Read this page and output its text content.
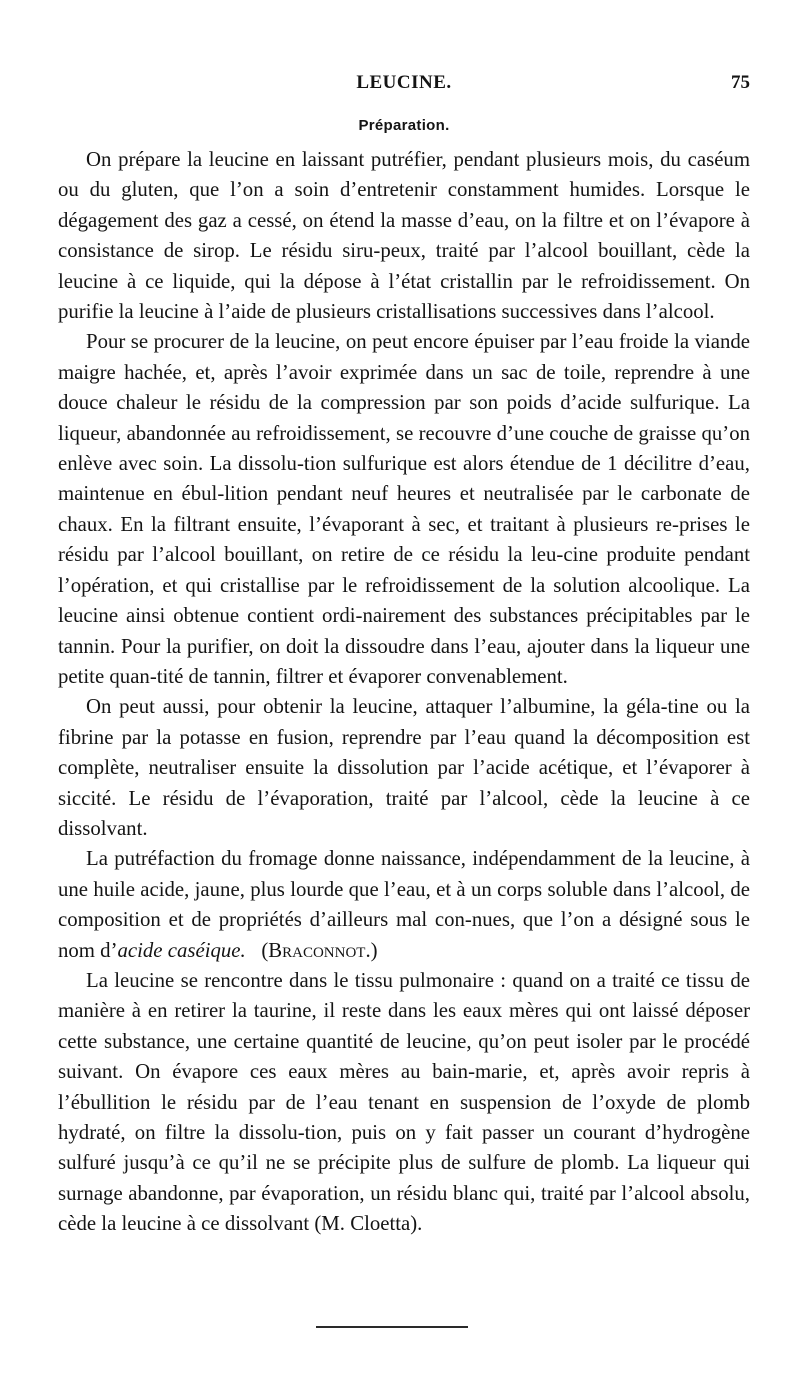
LEUCINE.	75
Préparation.

On prépare la leucine en laissant putréfier, pendant plusieurs mois, du caséum ou du gluten, que l’on a soin d’entretenir constamment humides. Lorsque le dégagement des gaz a cessé, on étend la masse d’eau, on la filtre et on l’évapore à consistance de sirop. Le résidu siru-peux, traité par l’alcool bouillant, cède la leucine à ce liquide, qui la dépose à l’état cristallin par le refroidissement. On purifie la leucine à l’aide de plusieurs cristallisations successives dans l’alcool.

Pour se procurer de la leucine, on peut encore épuiser par l’eau froide la viande maigre hachée, et, après l’avoir exprimée dans un sac de toile, reprendre à une douce chaleur le résidu de la compression par son poids d’acide sulfurique. La liqueur, abandonnée au refroidissement, se recouvre d’une couche de graisse qu’on enlève avec soin. La dissolu-tion sulfurique est alors étendue de 1 décilitre d’eau, maintenue en ébul-lition pendant neuf heures et neutralisée par le carbonate de chaux. En la filtrant ensuite, l’évaporant à sec, et traitant à plusieurs re-prises le résidu par l’alcool bouillant, on retire de ce résidu la leu-cine produite pendant l’opération, et qui cristallise par le refroidissement de la solution alcoolique. La leucine ainsi obtenue contient ordi-nairement des substances précipitables par le tannin. Pour la purifier, on doit la dissoudre dans l’eau, ajouter dans la liqueur une petite quan-tité de tannin, filtrer et évaporer convenablement.

On peut aussi, pour obtenir la leucine, attaquer l’albumine, la géla-tine ou la fibrine par la potasse en fusion, reprendre par l’eau quand la décomposition est complète, neutraliser ensuite la dissolution par l’acide acétique, et l’évaporer à siccité. Le résidu de l’évaporation, traité par l’alcool, cède la leucine à ce dissolvant.

La putréfaction du fromage donne naissance, indépendamment de la leucine, à une huile acide, jaune, plus lourde que l’eau, et à un corps soluble dans l’alcool, de composition et de propriétés d’ailleurs mal con-nues, que l’on a désigné sous le nom d’acide caséique. (Braconnot.)

La leucine se rencontre dans le tissu pulmonaire : quand on a traité ce tissu de manière à en retirer la taurine, il reste dans les eaux mères qui ont laissé déposer cette substance, une certaine quantité de leucine, qu’on peut isoler par le procédé suivant. On évapore ces eaux mères au bain-marie, et, après avoir repris à l’ébullition le résidu par de l’eau tenant en suspension de l’oxyde de plomb hydraté, on filtre la dissolu-tion, puis on y fait passer un courant d’hydrogène sulfuré jusqu’à ce qu’il ne se précipite plus de sulfure de plomb. La liqueur qui surnage abandonne, par évaporation, un résidu blanc qui, traité par l’alcool absolu, cède la leucine à ce dissolvant (M. Cloetta).
